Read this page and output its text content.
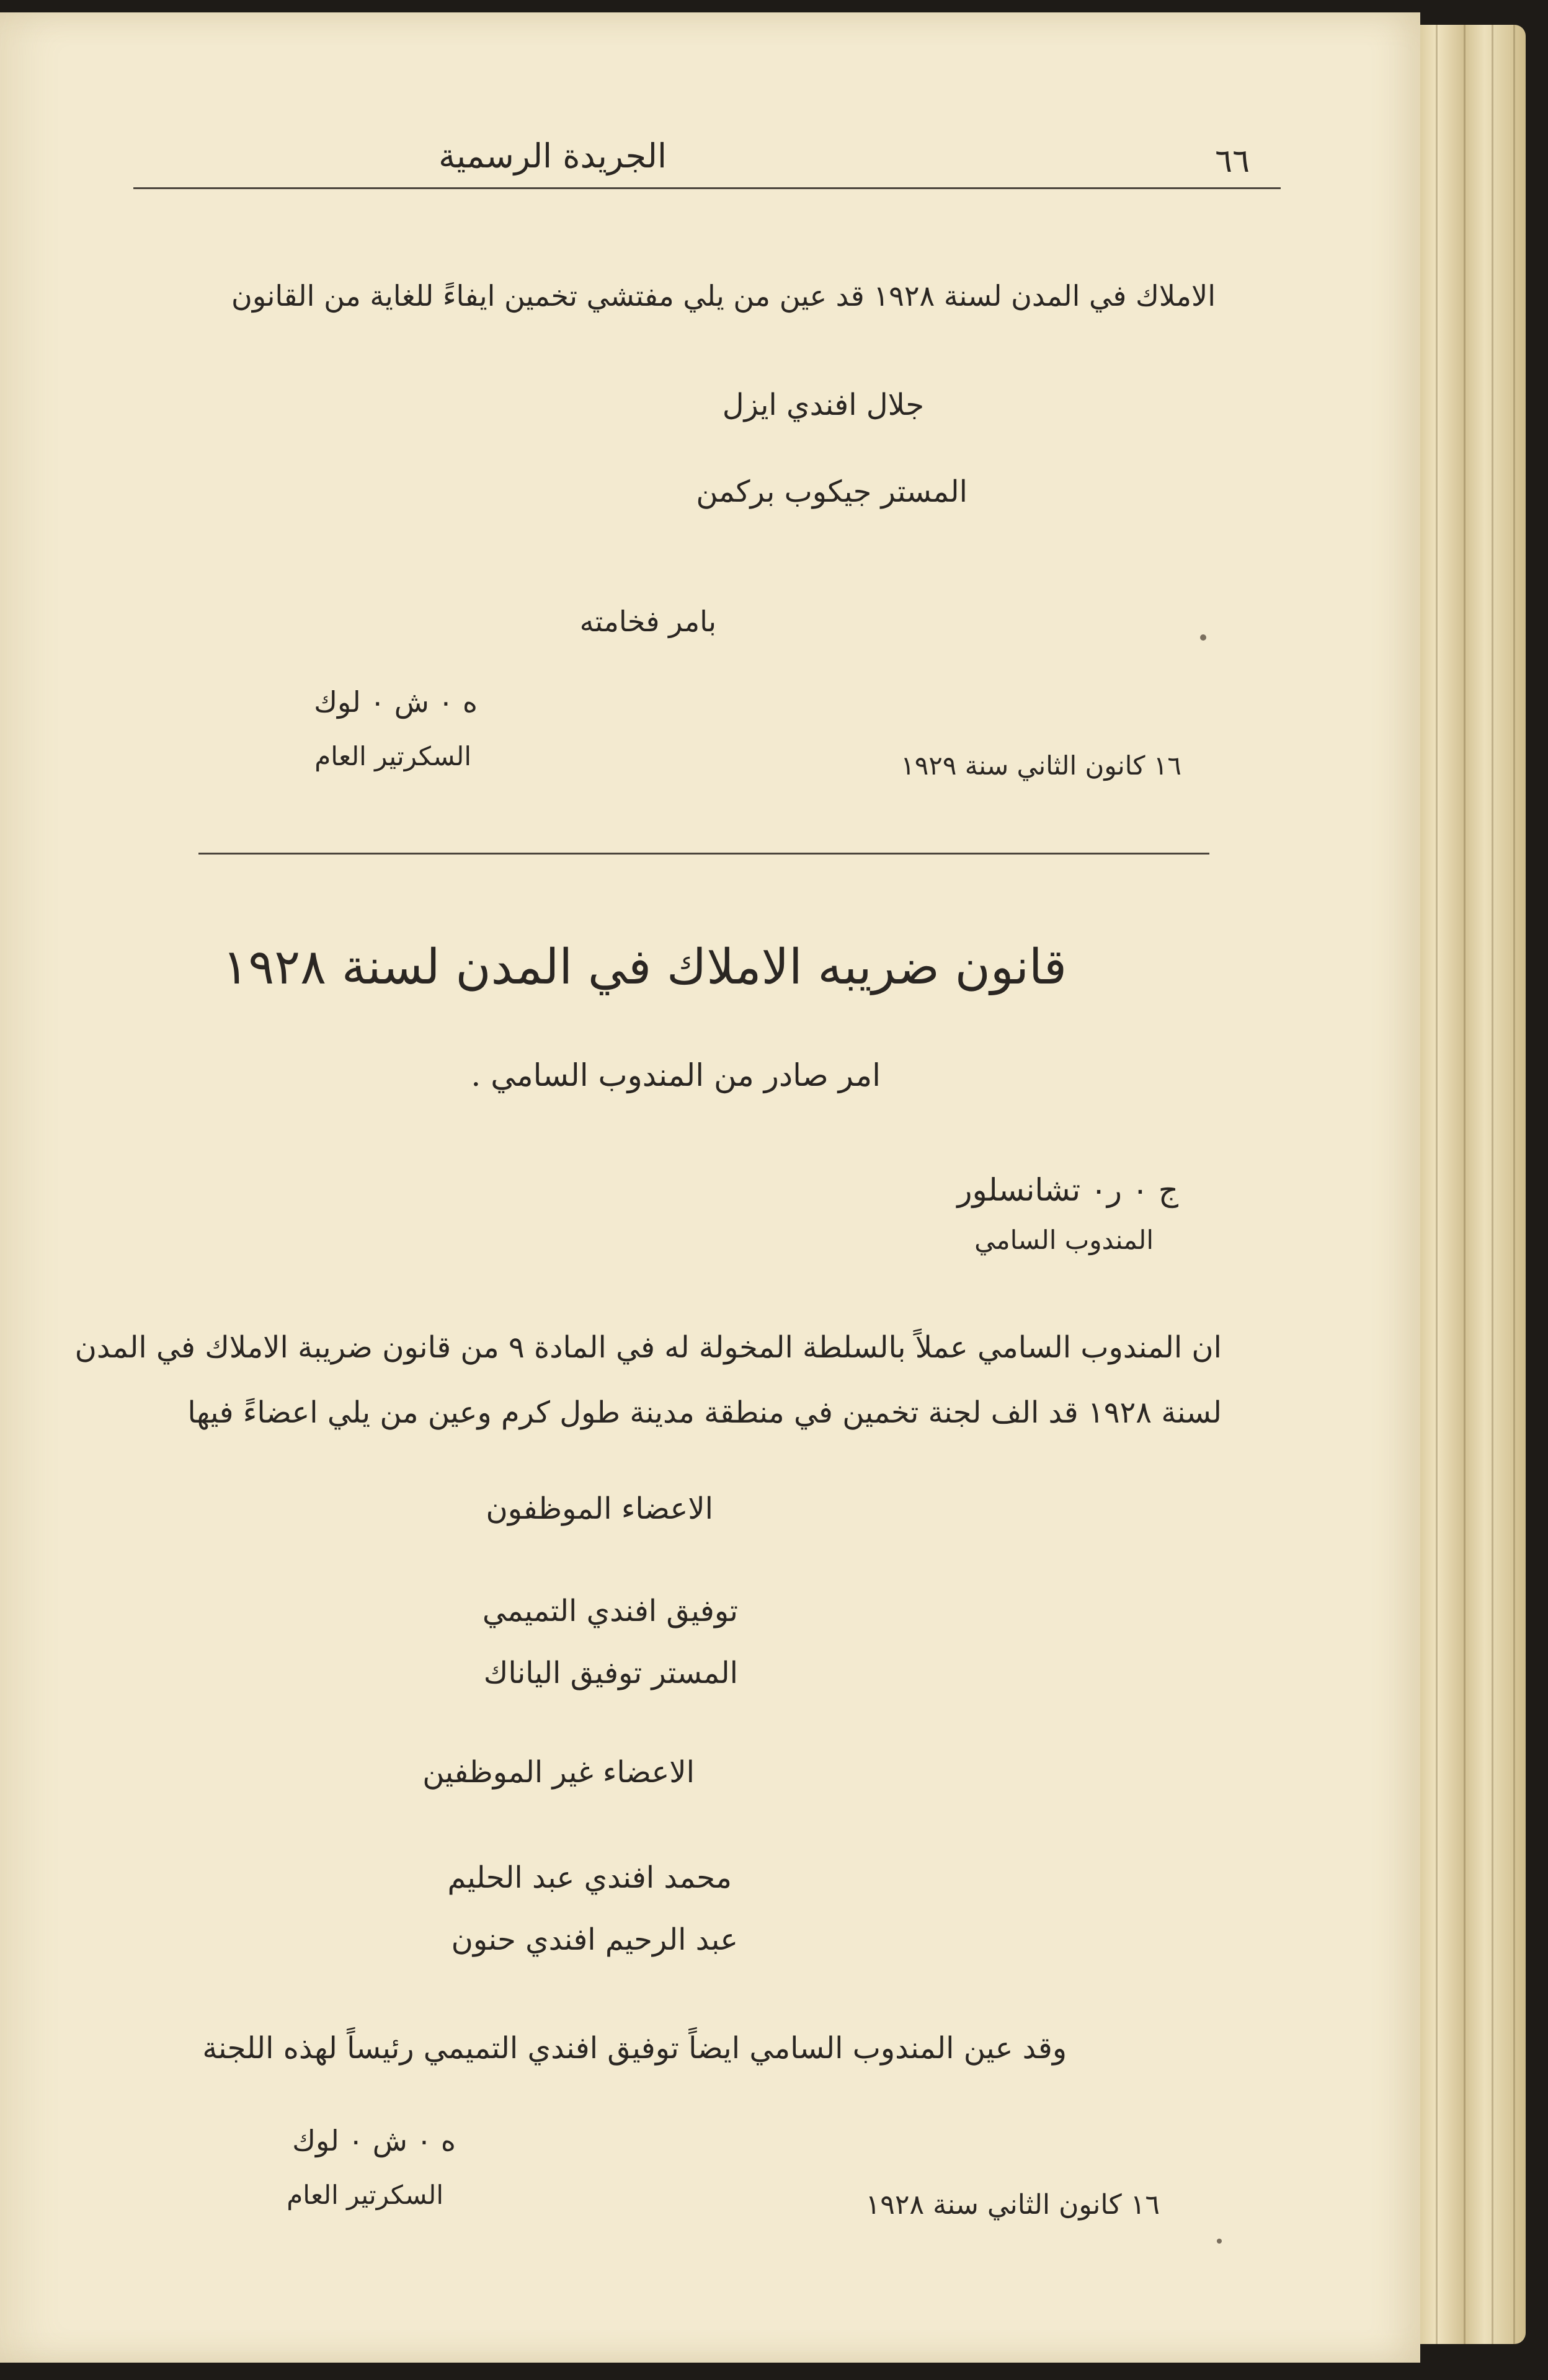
الجريدة الرسمية	٦٦
الاملاك في المدن لسنة ١٩٢٨ قد عين من يلي مفتشي تخمين ايفاءً للغاية من القانون
جلال افندي ايزل
المستر جيكوب بركمن
بامر فخامته
ه ٠ ش ٠ لوك
السكرتير العام	١٦ كانون الثاني سنة ١٩٢٩
قانون ضريبه الاملاك في المدن لسنة ١٩٢٨
امر صادر من المندوب السامي .
ج ٠ ر٠ تشانسلور
المندوب السامي
ان المندوب السامي عملاً بالسلطة المخولة له في المادة ٩ من قانون ضريبة الاملاك في المدن
لسنة ١٩٢٨ قد الف لجنة تخمين في منطقة مدينة طول كرم وعين من يلي اعضاءً فيها
الاعضاء الموظفون
توفيق افندي التميمي
المستر توفيق الياناك
الاعضاء غير الموظفين
محمد افندي عبد الحليم
عبد الرحيم افندي حنون
وقد عين المندوب السامي ايضاً توفيق افندي التميمي رئيساً لهذه اللجنة
ه ٠ ش ٠ لوك
السكرتير العام	١٦ كانون الثاني سنة ١٩٢٨
